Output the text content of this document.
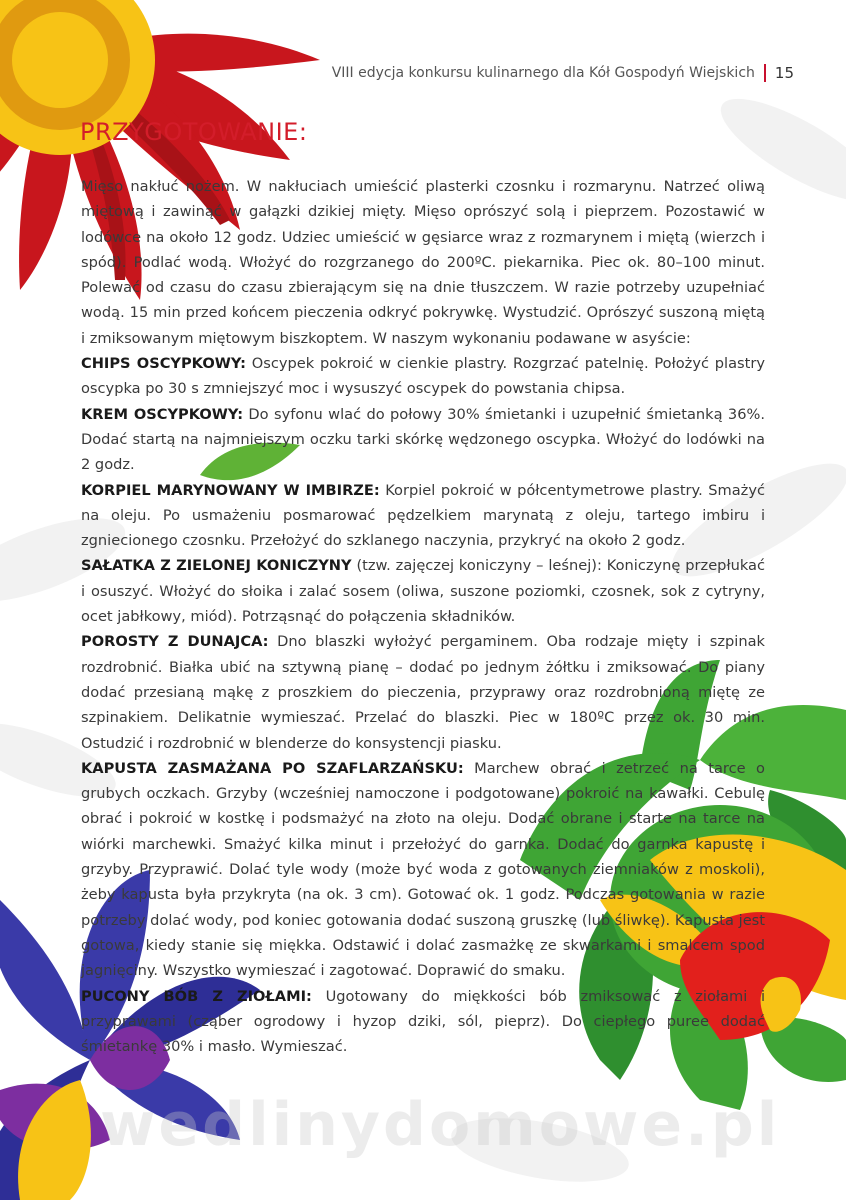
VIII edycja konkursu kulinarnego dla Kół Gospodyń Wiejskich 15
PRZYGOTOWANIE:

Mięso nakłuć nożem. W nakłuciach umieścić plasterki czosnku i rozmarynu. Natrzeć oliwą miętową i zawinąć w gałązki dzikiej mięty. Mięso oprószyć solą i pieprzem. Pozostawić w lodówce na około 12 godz. Udziec umieścić w gęsiarce wraz z rozmarynem i miętą (wierzch i spód). Podlać wodą. Włożyć do rozgrzanego do 200ºC. piekarnika. Piec ok. 80–100 minut. Polewać od czasu do czasu zbierającym się na dnie tłuszczem. W razie potrzeby uzupełniać wodą. 15 min przed końcem pieczenia odkryć pokrywkę. Wystudzić. Oprószyć suszoną miętą i zmiksowanym miętowym biszkoptem. W naszym wykonaniu podawane w asyście:

CHIPS OSCYPKOWY: Oscypek pokroić w cienkie plastry. Rozgrzać patelnię. Położyć plastry oscypka po 30 s zmniejszyć moc i wysuszyć oscypek do powstania chipsa.

KREM OSCYPKOWY: Do syfonu wlać do połowy 30% śmietanki i uzupełnić śmietanką 36%. Dodać startą na najmniejszym oczku tarki skórkę wędzonego oscypka. Włożyć do lodówki na 2 godz.

KORPIEL MARYNOWANY W IMBIRZE: Korpiel pokroić w półcentymetrowe plastry. Smażyć na oleju. Po usmażeniu posmarować pędzelkiem marynatą z oleju, tartego imbiru i zgniecionego czosnku. Przełożyć do szklanego naczynia, przykryć na około 2 godz.

SAŁATKA Z ZIELONEJ KONICZYNY (tzw. zajęczej koniczyny – leśnej): Koniczynę przepłukać i osuszyć. Włożyć do słoika i zalać sosem (oliwa, suszone poziomki, czosnek, sok z cytryny, ocet jabłkowy, miód). Potrząsnąć do połączenia składników.

POROSTY Z DUNAJCA: Dno blaszki wyłożyć pergaminem. Oba rodzaje mięty i szpinak rozdrobnić. Białka ubić na sztywną pianę – dodać po jednym żółtku i zmiksować. Do piany dodać przesianą mąkę z proszkiem do pieczenia, przyprawy oraz rozdrobnioną miętę ze szpinakiem. Delikatnie wymieszać. Przelać do blaszki. Piec w 180ºC przez ok. 30 min. Ostudzić i rozdrobnić w blenderze do konsystencji piasku.

KAPUSTA ZASMAŻANA PO SZAFLARZAŃSKU: Marchew obrać i zetrzeć na tarce o grubych oczkach. Grzyby (wcześniej namoczone i podgotowane) pokroić na kawałki. Cebulę obrać i pokroić w kostkę i podsmażyć na złoto na oleju. Dodać obrane i starte na tarce na wiórki marchewki. Smażyć kilka minut i przełożyć do garnka. Dodać do garnka kapustę i grzyby. Przyprawić. Dolać tyle wody (może być woda z gotowanych ziemniaków z moskoli), żeby kapusta była przykryta (na ok. 3 cm). Gotować ok. 1 godz. Podczas gotowania w razie potrzeby dolać wody, pod koniec gotowania dodać suszoną gruszkę (lub śliwkę). Kapusta jest gotowa, kiedy stanie się miękka. Odstawić i dolać zasmażkę ze skwarkami i smalcem spod jagnięciny. Wszystko wymieszać i zagotować. Doprawić do smaku.

PUCONY BÓB Z ZIOŁAMI: Ugotowany do miękkości bób zmiksować z ziołami i przyprawami (cząber ogrodowy i hyzop dziki, sól, pieprz). Do ciepłego puree dodać śmietankę 30% i masło. Wymieszać.

wedlinydomowe.pl
